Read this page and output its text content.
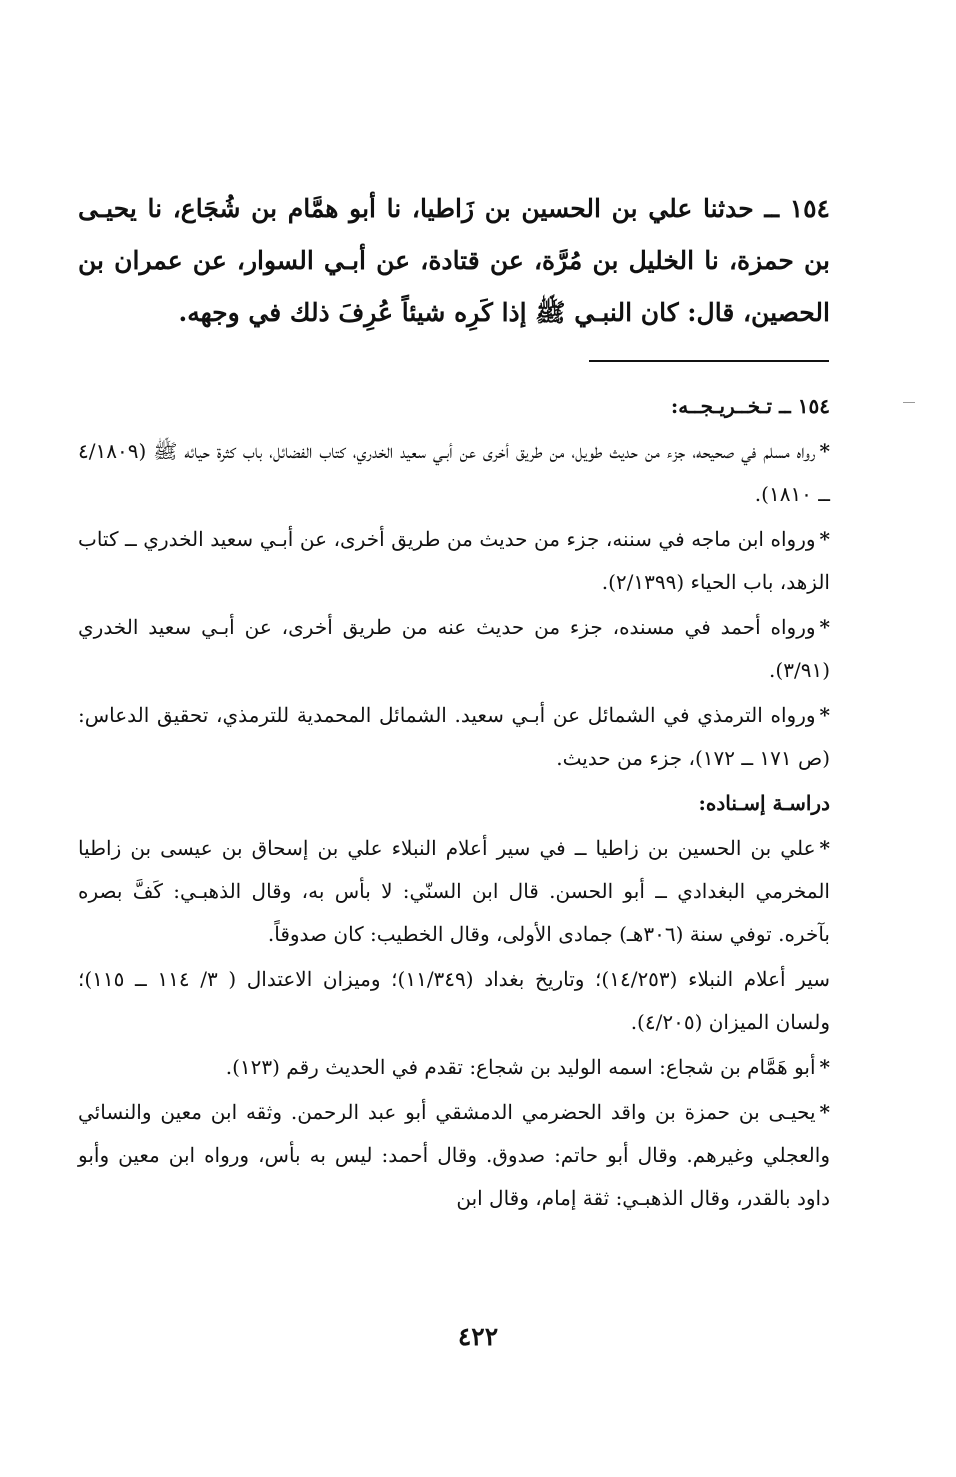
١٥٤ ــ حدثنا علي بن الحسين بن زَاطيا، نا أبو همَّام بن شُجَاع، نا يحيـى بن حمزة، نا الخليل بن مُرَّة، عن قتادة، عن أبـي السوار، عن عمران بن الحصين، قال: كان النبـي ﷺ إذا كَرِه شيئاً عُرِفَ ذلك في وجهه.

١٥٤ ــ تـخــريـجــه:

*رواه مسلم في صحيحه، جزء من حديث طويل، من طريق أخرى عن أبـي سعيد الخدري، كتاب الفضائل، باب كثرة حيائه ﷺ (٤/١٨٠٩ ــ ١٨١٠).

*ورواه ابن ماجه في سننه، جزء من حديث من طريق أخرى، عن أبـي سعيد الخدري ــ كتاب الزهد، باب الحياء (٢/١٣٩٩).

*ورواه أحمد في مسنده، جزء من حديث عنه من طريق أخرى، عن أبـي سعيد الخدري (٣/٩١).

*ورواه الترمذي في الشمائل عن أبـي سعيد. الشمائل المحمدية للترمذي، تحقيق الدعاس: (ص ١٧١ ــ ١٧٢)، جزء من حديث.

دراسـة إسـناده:

*علي بن الحسين بن زاطيا ــ في سير أعلام النبلاء علي بن إسحاق بن عيسى بن زاطيا المخرمي البغدادي ــ أبو الحسن. قال ابن السنّي: لا بأس به، وقال الذهبـي: كَفَّ بصره بآخره. توفي سنة (٣٠٦هـ) جمادى الأولى، وقال الخطيب: كان صدوقاً.

سير أعلام النبلاء (١٤/٢٥٣)؛ وتاريخ بغداد (١١/٣٤٩)؛ وميزان الاعتدال ( ٣/ ١١٤ ــ ١١٥)؛ ولسان الميزان (٤/٢٠٥).

*أبو هَمَّام بن شجاع: اسمه الوليد بن شجاع: تقدم في الحديث رقم (١٢٣).

*يحيـى بن حمزة بن واقد الحضرمي الدمشقي أبو عبد الرحمن. وثقه ابن معين والنسائي والعجلي وغيرهم. وقال أبو حاتم: صدوق. وقال أحمد: ليس به بأس، ورواه ابن معين وأبو داود بالقدر، وقال الذهبـي: ثقة إمام، وقال ابن

٤٢٢
